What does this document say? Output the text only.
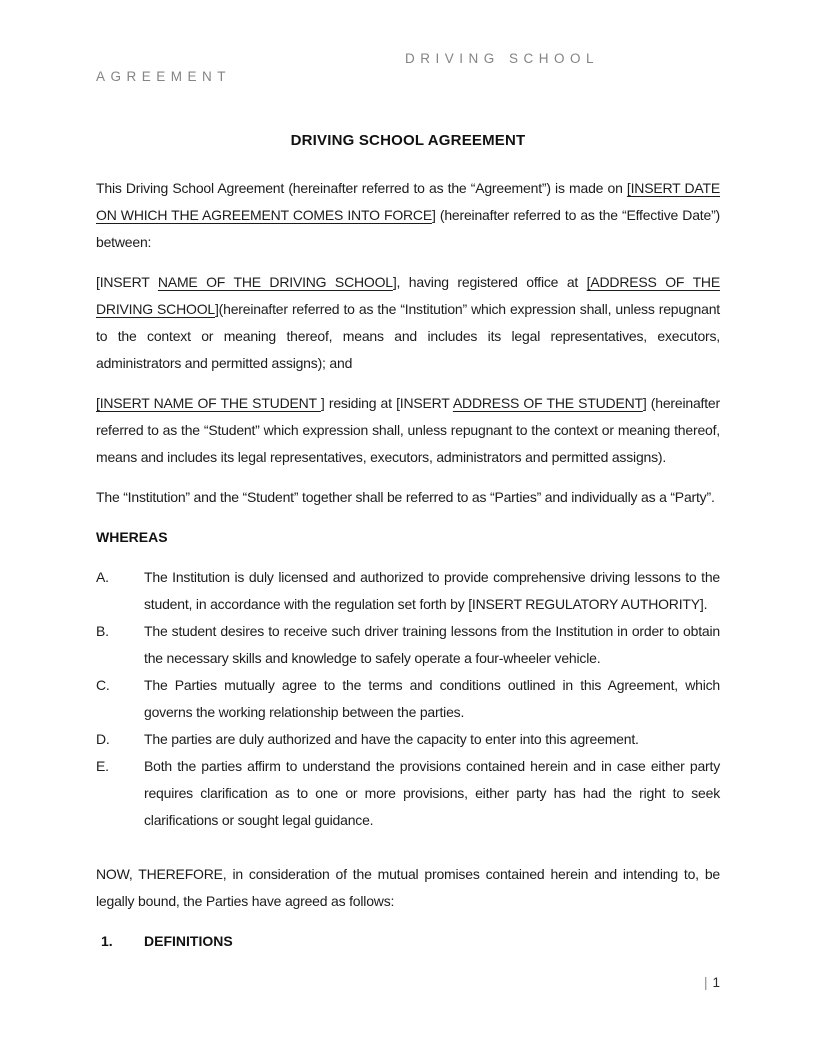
DRIVING SCHOOL
AGREEMENT
DRIVING SCHOOL AGREEMENT

This Driving School Agreement (hereinafter referred to as the “Agreement”) is made on [INSERT DATE ON WHICH THE AGREEMENT COMES INTO FORCE] (hereinafter referred to as the “Effective Date”) between:

[INSERT NAME OF THE DRIVING SCHOOL], having registered office at [ADDRESS OF THE DRIVING SCHOOL](hereinafter referred to as the “Institution” which expression shall, unless repugnant to the context or meaning thereof, means and includes its legal representatives, executors, administrators and permitted assigns); and

[INSERT NAME OF THE STUDENT ] residing at [INSERT ADDRESS OF THE STUDENT] (hereinafter referred to as the “Student” which expression shall, unless repugnant to the context or meaning thereof, means and includes its legal representatives, executors, administrators and permitted assigns).

The “Institution” and the “Student” together shall be referred to as “Parties” and individually as a “Party”.

WHEREAS
A.	The Institution is duly licensed and authorized to provide comprehensive driving lessons to the student, in accordance with the regulation set forth by [INSERT REGULATORY AUTHORITY].
B.	The student desires to receive such driver training lessons from the Institution in order to obtain the necessary skills and knowledge to safely operate a four-wheeler vehicle.
C.	The Parties mutually agree to the terms and conditions outlined in this Agreement, which governs the working relationship between the parties.
D.	The parties are duly authorized and have the capacity to enter into this agreement.
E.	Both the parties affirm to understand the provisions contained herein and in case either party requires clarification as to one or more provisions, either party has had the right to seek clarifications or sought legal guidance.

NOW, THEREFORE, in consideration of the mutual promises contained herein and intending to, be legally bound, the Parties have agreed as follows:

1.	DEFINITIONS
| 1
